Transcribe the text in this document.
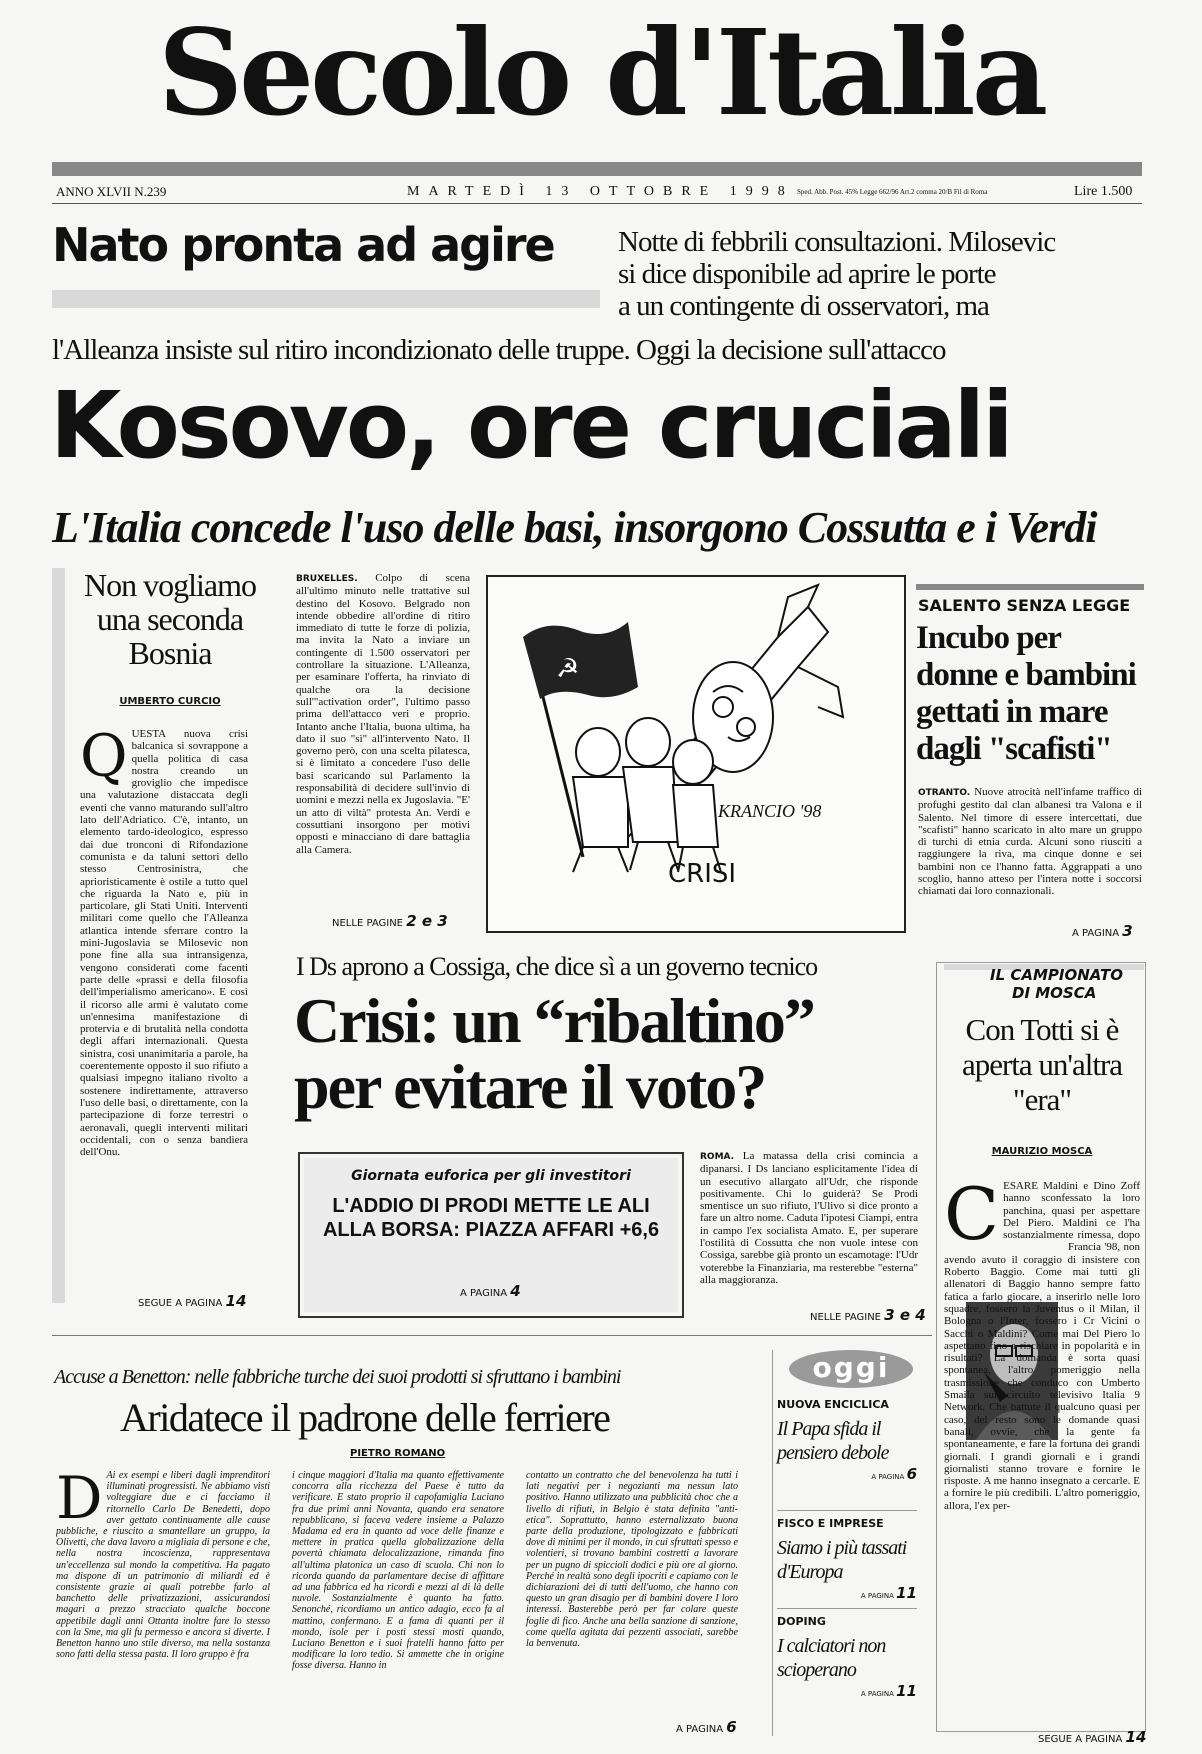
Secolo d'Italia
ANNO XLVII N.239	MARTEDÌ 13 OTTOBRE 1998 Sped. Abb. Post. 45% Legge 662/96 Art.2 comma 20/B Fil di Roma	Lire 1.500
Nato pronta ad agire Notte di febbrili consultazioni. Milosevic
si dice disponibile ad aprire le porte
a un contingente di osservatori, ma
l'Alleanza insiste sul ritiro incondizionato delle truppe. Oggi la decisione sull'attacco
Kosovo, ore cruciali
L'Italia concede l'uso delle basi, insorgono Cossutta e i Verdi
Non vogliamo una seconda Bosnia
UMBERTO CURCIO
QUESTA nuova crisi balcanica si sovrappone a quella politica di casa nostra creando un groviglio che impedisce una valutazione distaccata degli eventi che vanno maturando sull'altro lato dell'Adriatico. C'è, intanto, un elemento tardo-ideologico, espresso dai due tronconi di Rifondazione comunista e da taluni settori dello stesso Centrosinistra, che aprioristicamente è ostile a tutto quel che riguarda la Nato e, più in particolare, gli Stati Uniti. Interventi militari come quello che l'Alleanza atlantica intende sferrare contro la mini-Jugoslavia se Milosevic non pone fine alla sua intransigenza, vengono considerati come facenti parte delle «prassi e della filosofia dell'imperialismo americano». E così il ricorso alle armi è valutato come un'ennesima manifestazione di protervia e di brutalità nella condotta degli affari internazionali. Questa sinistra, così unanimitaria a parole, ha coerentemente opposto il suo rifiuto a qualsiasi impegno italiano rivolto a sostenere indirettamente, attraverso l'uso delle basi, o direttamente, con la partecipazione di forze terrestri o aeronavali, quegli interventi militari occidentali, con o senza bandiera dell'Onu.
SEGUE A PAGINA 14
BRUXELLES. Colpo di scena all'ultimo minuto nelle trattative sul destino del Kosovo. Belgrado non intende obbedire all'ordine di ritiro immediato di tutte le forze di polizia, ma invita la Nato a inviare un contingente di 1.500 osservatori per controllare la situazione. L'Alleanza, per esaminare l'offerta, ha rinviato di qualche ora la decisione sull'"activation order", l'ultimo passo prima dell'attacco veri e proprio. Intanto anche l'Italia, buona ultima, ha dato il suo "sì" all'intervento Nato. Il governo però, con una scelta pilatesca, si è limitato a concedere l'uso delle basi scaricando sul Parlamento la responsabilità di decidere sull'invio di uomini e mezzi nella ex Jugoslavia. "E' un atto di viltà" protesta An. Verdi e cossuttiani insorgono per motivi opposti e minacciano di dare battaglia alla Camera.
NELLE PAGINE 2 e 3
☭
KRANCIO '98
CRISI
SALENTO SENZA LEGGE
Incubo per donne e bambini gettati in mare dagli "scafisti"
OTRANTO. Nuove atrocità nell'infame traffico di profughi gestito dal clan albanesi tra Valona e il Salento. Nel timore di essere intercettati, due "scafisti" hanno scaricato in alto mare un gruppo di turchi di etnia curda. Alcuni sono riusciti a raggiungere la riva, ma cinque donne e sei bambini non ce l'hanno fatta. Aggrappati a uno scoglio, hanno atteso per l'intera notte i soccorsi chiamati dai loro connazionali.
A PAGINA 3
I Ds aprono a Cossiga, che dice sì a un governo tecnico
Crisi: un “ribaltino”
per evitare il voto?
Giornata euforica per gli investitori
L'ADDIO DI PRODI METTE LE ALI ALLA BORSA: PIAZZA AFFARI +6,6
A PAGINA 4
ROMA. La matassa della crisi comincia a dipanarsi. I Ds lanciano esplicitamente l'idea di un esecutivo allargato all'Udr, che risponde positivamente. Chi lo guiderà? Se Prodi smentisce un suo rifiuto, l'Ulivo si dice pronto a fare un altro nome. Caduta l'ipotesi Ciampi, entra in campo l'ex socialista Amato. E, per superare l'ostilità di Cossutta che non vuole intese con Cossiga, sarebbe già pronto un escamotage: l'Udr voterebbe la Finanziaria, ma resterebbe "esterna" alla maggioranza.
NELLE PAGINE 3 e 4
IL CAMPIONATO
DI MOSCA
Con Totti si è aperta un'altra "era"
MAURIZIO MOSCA
C ESARE Maldini e Dino Zoff hanno sconfessato la loro panchina, quasi per aspettare Del Piero. Maldini ce l'ha sostanzialmente rimessa, dopo Francia '98, non avendo avuto il coraggio di insistere con Roberto Baggio. Come mai tutti gli allenatori di Baggio hanno sempre fatto fatica a farlo giocare, a inserirlo nelle loro squadre, fossero la Juventus o il Milan, il Bologna o l'Inter, fossero i Cr Vicini o Sacchi o Maldini? Come mai Del Piero lo aspettano fino a rischiare in popolarità e in risultati? La domanda è sorta quasi spontanea, l'altro pomeriggio nella trasmissione che conduco con Umberto Smaila sul circuito televisivo Italia 9 Network. Che battute il qualcuno quasi per caso, del resto sono le domande quasi banali, ovvie, che la gente fa spontaneamente, e fare la fortuna dei grandi giornali. I grandi giornali e i grandi giornalisti stanno trovare e fornire le risposte. A me hanno insegnato a cercarle. E a fornire le più credibili. L'altro pomeriggio, allora, l'ex per-
SEGUE A PAGINA 14
Accuse a Benetton: nelle fabbriche turche dei suoi prodotti si sfruttano i bambini
Aridatece il padrone delle ferriere
PIETRO ROMANO
D Ai ex esempi e liberi dagli imprenditori illuminati progressisti. Ne abbiamo visti volteggiare due e ci facciamo il ritornello Carlo De Benedetti, dopo aver gettato continuamente alle cause pubbliche, e riuscito a smantellare un gruppo, la Olivetti, che dava lavoro a migliaia di persone e che, nella nostra incoscienza, rappresentava un'eccellenza sul mondo la competitiva. Ha pagato ma dispone di un patrimonio di miliardi ed è consistente grazie ai quali potrebbe farlo al banchetto delle privatizzazioni, assicurandosi magari a prezzo stracciato qualche boccone appetibile dagli anni Ottanta inoltre fare lo stesso con la Sme, ma gli fu permesso e ancora si diverte. I Benetton hanno uno stile diverso, ma nella sostanza sono fatti della stessa pasta. Il loro gruppo è fra
i cinque maggiori d'Italia ma quanto effettivamente concorra alla ricchezza del Paese è tutto da verificare. E stato proprio il capofamiglia Luciano fra due primi anni Novanta, quando era senatore repubblicano, si faceva vedere insieme a Palazzo Madama ed era in quanto ad voce delle finanze e mettere in pratica quella globalizzazione della povertà chiamata delocalizzazione, rimanda fino all'ultima platonica un caso di scuola. Chi non lo ricorda quando da parlamentare decise di affittare ad una fabbrica ed ha ricordi e mezzi al di là delle nuvole. Sostanzialmente è quanto ha fatto. Senonché, ricordiamo un antico adagio, ecco fa al mattino, confermano. E a fama di quanti per il mondo, isole per i posti stessi mosti quando, Luciano Benetton e i suoi fratelli hanno fatto per modificare la loro tedio. Si ammette che in origine fosse diversa. Hanno in
contatto un contratto che del benevolenza ha tutti i lati negativi per i negozianti ma nessun lato positivo. Hanno utilizzato una pubblicità choc che a livello di rifiuti, in Belgio è stata definita "anti-etica". Soprattutto, hanno esternalizzato buona parte della produzione, tipologizzato e fabbricati dove di minimi per il mondo, in cui sfruttati spesso e volentieri, si trovano bambini costretti a lavorare per un pugno di spiccioli dodici e più ore al giorno. Perché in realtà sono degli ipocriti e capiamo con le dichiarazioni dei di tutti dell'uomo, che hanno con questo un gran disagio per di bambini dovere I loro interessi. Basterebbe però per far colare queste foglie di fico. Anche una bella sanzione di sanzione, come quella agitata dai pezzenti associati, sarebbe la benvenuta.
A PAGINA 6
oggi
NUOVA ENCICLICA
Il Papa sfida il pensiero debole
A PAGINA 6
FISCO E IMPRESE
Siamo i più tassati d'Europa
A PAGINA 11
DOPING
I calciatori non scioperano
A PAGINA 11
